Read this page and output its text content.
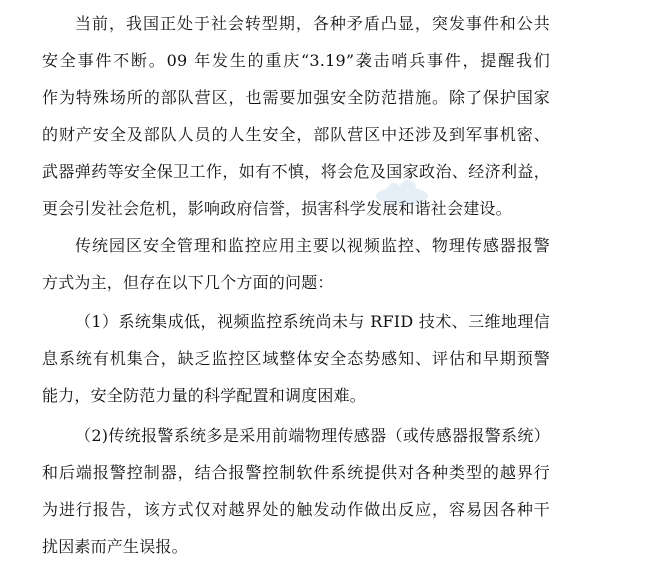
当前，我国正处于社会转型期，各种矛盾凸显，突发事件和公共
安全事件不断。09 年发生的重庆“3.19”袭击哨兵事件，提醒我们
作为特殊场所的部队营区，也需要加强安全防范措施。除了保护国家
的财产安全及部队人员的人生安全，部队营区中还涉及到军事机密、
武器弹药等安全保卫工作，如有不慎，将会危及国家政治、经济利益，
更会引发社会危机，影响政府信誉，损害科学发展和谐社会建设。
传统园区安全管理和监控应用主要以视频监控、物理传感器报警
方式为主，但存在以下几个方面的问题：
（1）系统集成低，视频监控系统尚未与 RFID 技术、三维地理信
息系统有机集合，缺乏监控区域整体安全态势感知、评估和早期预警
能力，安全防范力量的科学配置和调度困难。
（2)传统报警系统多是采用前端物理传感器（或传感器报警系统）
和后端报警控制器，结合报警控制软件系统提供对各种类型的越界行
为进行报告，该方式仅对越界处的触发动作做出反应，容易因各种干
扰因素而产生误报。
